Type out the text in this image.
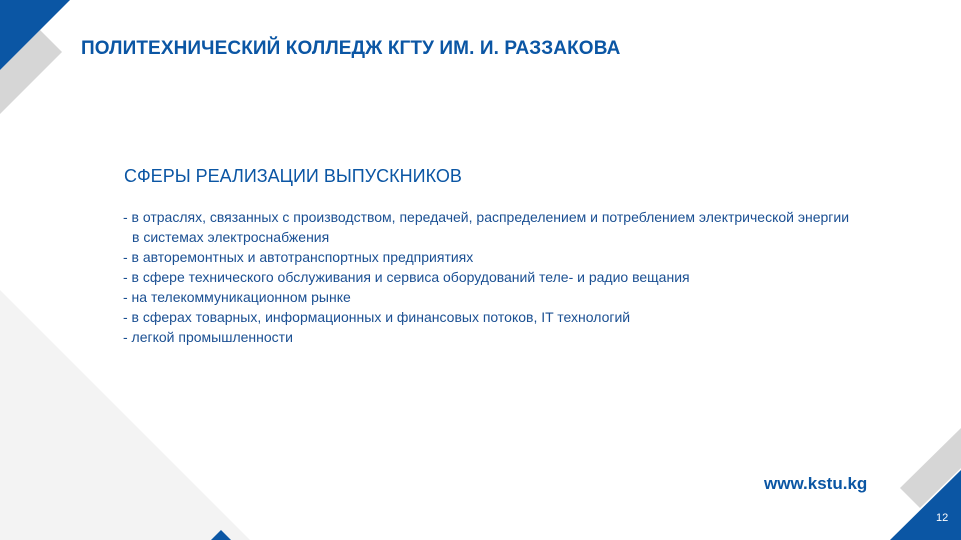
ПОЛИТЕХНИЧЕСКИЙ КОЛЛЕДЖ КГТУ ИМ. И. РАЗЗАКОВА
СФЕРЫ РЕАЛИЗАЦИИ ВЫПУСКНИКОВ
- в отраслях, связанных с производством, передачей, распределением и потреблением электрической энергии
в системах электроснабжения
- в авторемонтных и автотранспортных предприятиях
- в сфере технического обслуживания и сервиса оборудований теле- и радио вещания
- на телекоммуникационном рынке
- в сферах товарных, информационных и финансовых потоков, IT технологий
- легкой промышленности
www.kstu.kg
12
